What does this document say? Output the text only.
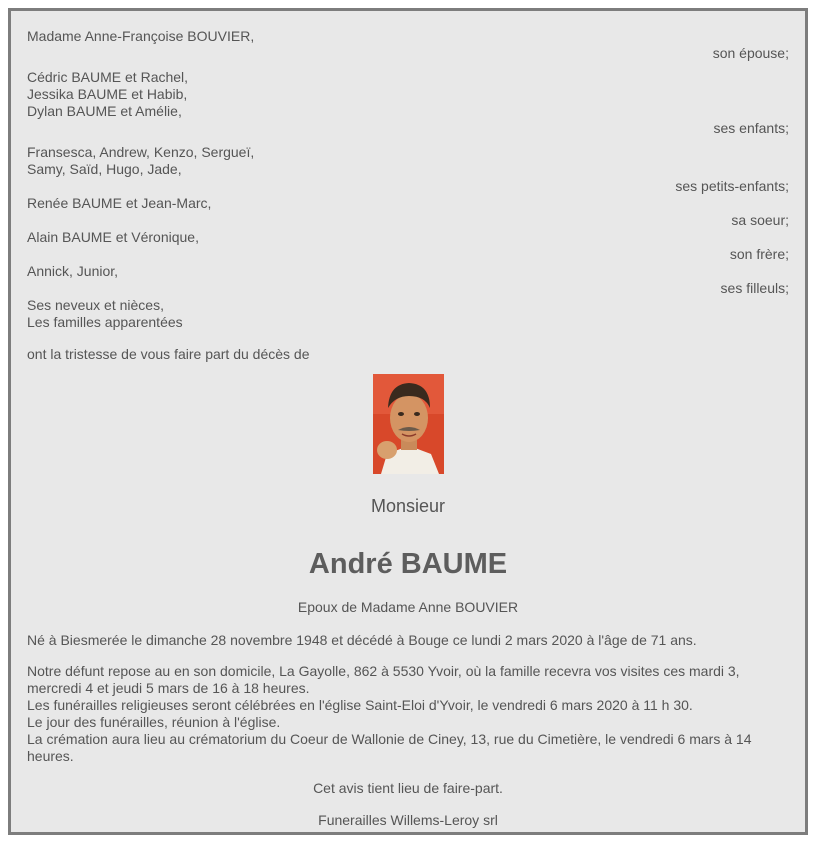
Madame Anne-Françoise BOUVIER,
son épouse;
Cédric BAUME et Rachel,
Jessika BAUME et Habib,
Dylan BAUME et Amélie,
ses enfants;
Fransesca, Andrew, Kenzo, Sergueï,
Samy, Saïd, Hugo, Jade,
ses petits-enfants;
Renée BAUME et Jean-Marc,
sa soeur;
Alain BAUME et Véronique,
son frère;
Annick, Junior,
ses filleuls;
Ses neveux et nièces,
Les familles apparentées
ont la tristesse de vous faire part du décès de
Monsieur
André BAUME
Epoux de Madame Anne BOUVIER
Né à Biesmerée le dimanche 28 novembre 1948 et décédé à Bouge ce lundi 2 mars 2020 à l'âge de 71 ans.
Notre défunt repose au en son domicile, La Gayolle, 862 à 5530 Yvoir, où la famille recevra vos visites ces mardi 3, mercredi 4 et jeudi 5 mars de 16 à 18 heures.
Les funérailles religieuses seront célébrées en l'église Saint-Eloi d'Yvoir, le vendredi 6 mars 2020 à 11 h 30.
Le jour des funérailles, réunion à l'église.
La crémation aura lieu au crématorium du Coeur de Wallonie de Ciney, 13, rue du Cimetière, le vendredi 6 mars à 14 heures.
Cet avis tient lieu de faire-part.
Funerailles Willems-Leroy srl
